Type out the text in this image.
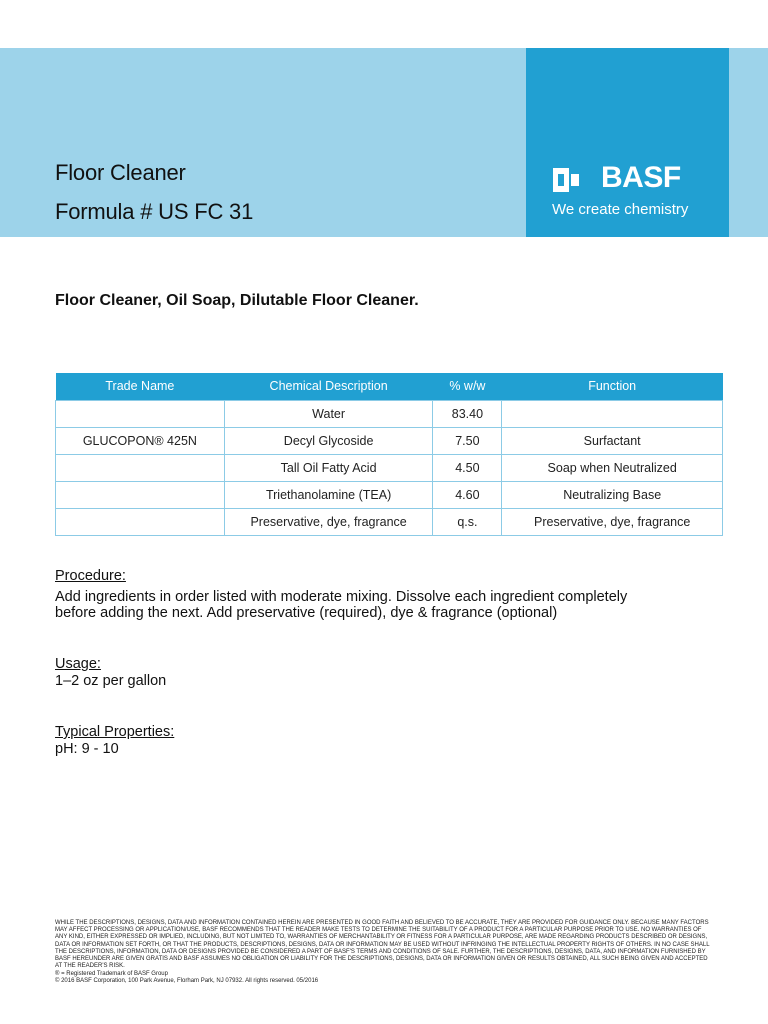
Floor Cleaner
Formula # US FC 31
BASF
We create chemistry
Floor Cleaner, Oil Soap, Dilutable Floor Cleaner.
Trade Name	Chemical Description	% w/w	Function
	Water	83.40	
GLUCOPON® 425N	Decyl Glycoside	7.50	Surfactant
	Tall Oil Fatty Acid	4.50	Soap when Neutralized
	Triethanolamine (TEA)	4.60	Neutralizing Base
	Preservative, dye, fragrance	q.s.	Preservative, dye, fragrance
Procedure:
Add ingredients in order listed with moderate mixing. Dissolve each ingredient completely
before adding the next. Add preservative (required), dye & fragrance (optional)
Usage:
1–2 oz per gallon
Typical Properties:
pH: 9 - 10
WHILE THE DESCRIPTIONS, DESIGNS, DATA AND INFORMATION CONTAINED HEREIN ARE PRESENTED IN GOOD FAITH AND BELIEVED TO BE ACCURATE, THEY ARE PROVIDED FOR GUIDANCE ONLY. BECAUSE MANY FACTORS MAY AFFECT PROCESSING OR APPLICATION/USE, BASF RECOMMENDS THAT THE READER MAKE TESTS TO DETERMINE THE SUITABILITY OF A PRODUCT FOR A PARTICULAR PURPOSE PRIOR TO USE. NO WARRANTIES OF ANY KIND, EITHER EXPRESSED OR IMPLIED, INCLUDING, BUT NOT LIMITED TO, WARRANTIES OF MERCHANTABILITY OR FITNESS FOR A PARTICULAR PURPOSE, ARE MADE REGARDING PRODUCTS DESCRIBED OR DESIGNS, DATA OR INFORMATION SET FORTH, OR THAT THE PRODUCTS, DESCRIPTIONS, DESIGNS, DATA OR INFORMATION MAY BE USED WITHOUT INFRINGING THE INTELLECTUAL PROPERTY RIGHTS OF OTHERS. IN NO CASE SHALL THE DESCRIPTIONS, INFORMATION, DATA OR DESIGNS PROVIDED BE CONSIDERED A PART OF BASF'S TERMS AND CONDITIONS OF SALE. FURTHER, THE DESCRIPTIONS, DESIGNS, DATA, AND INFORMATION FURNISHED BY BASF HEREUNDER ARE GIVEN GRATIS AND BASF ASSUMES NO OBLIGATION OR LIABILITY FOR THE DESCRIPTIONS, DESIGNS, DATA OR INFORMATION GIVEN OR RESULTS OBTAINED, ALL SUCH BEING GIVEN AND ACCEPTED AT THE READER'S RISK.
® = Registered Trademark of BASF Group
© 2016 BASF Corporation, 100 Park Avenue, Florham Park, NJ 07932. All rights reserved. 05/2016
